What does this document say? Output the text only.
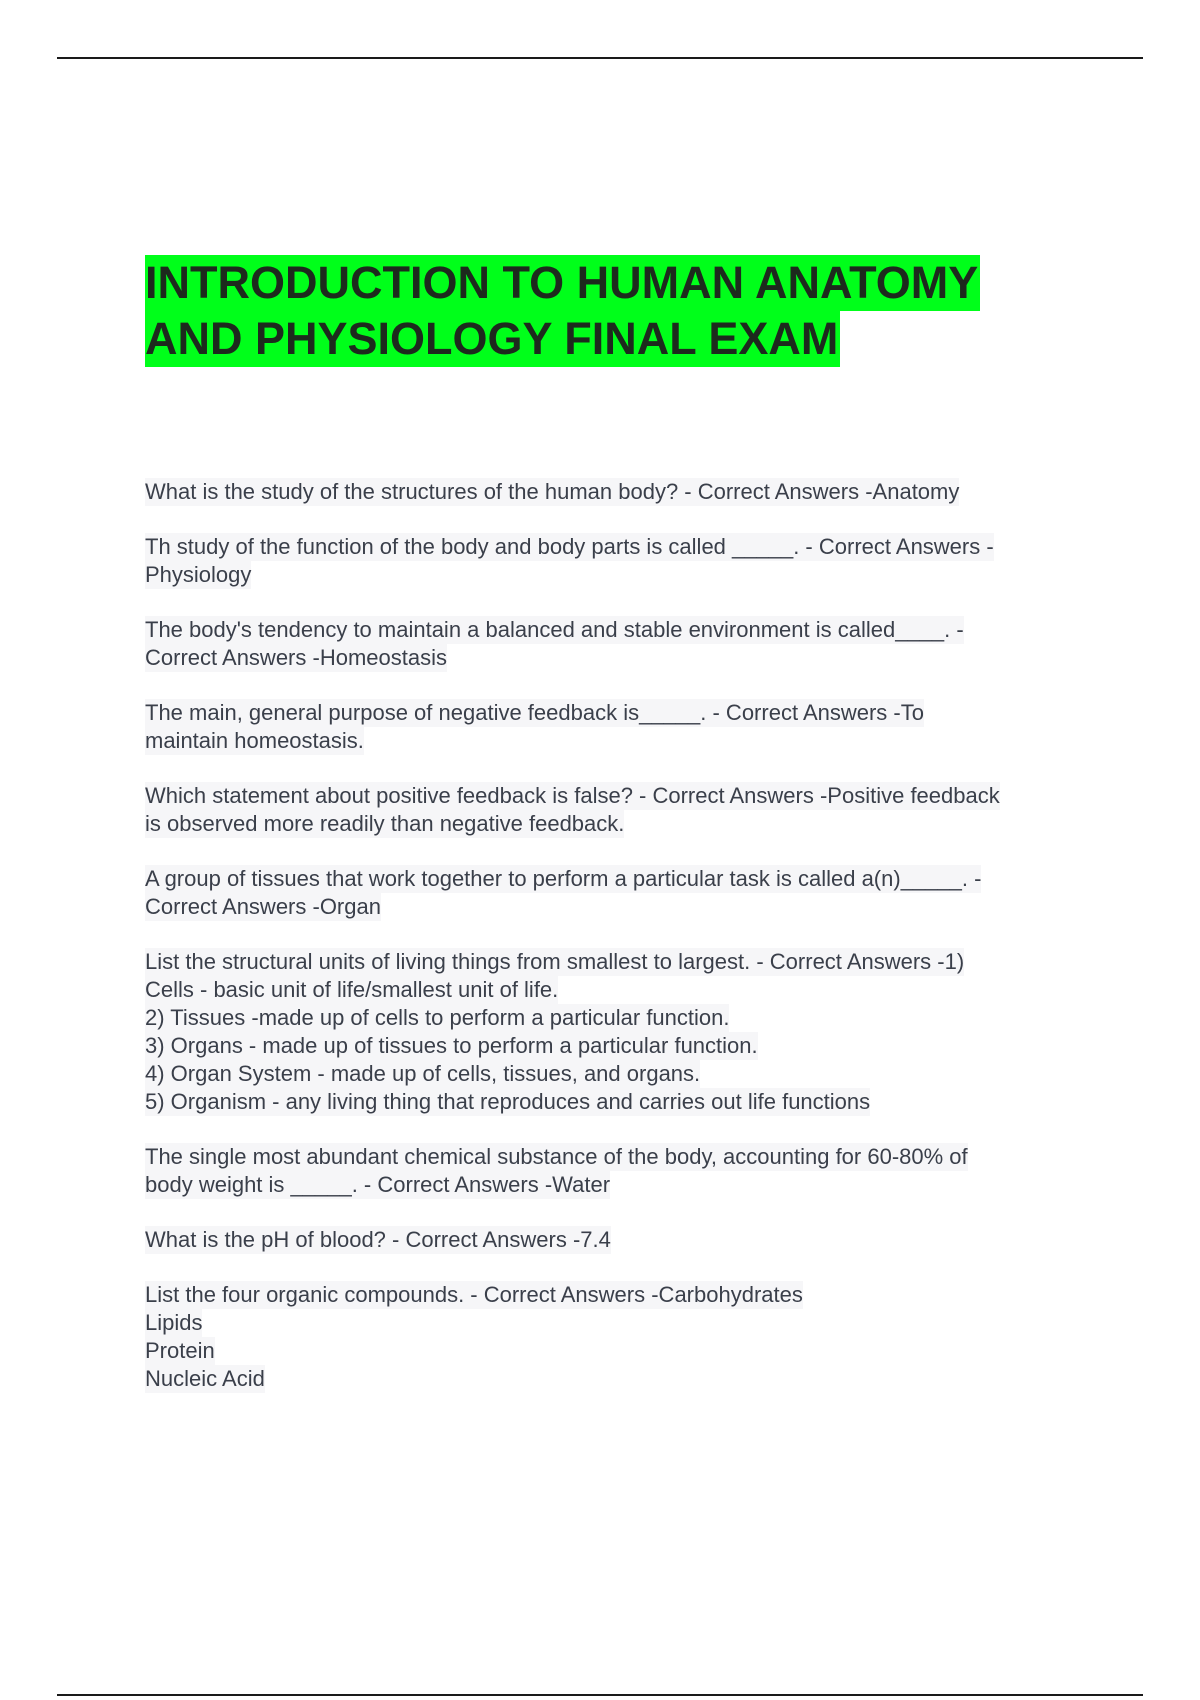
INTRODUCTION TO HUMAN ANATOMY
AND PHYSIOLOGY FINAL EXAM
What is the study of the structures of the human body? - Correct Answers -Anatomy
Th study of the function of the body and body parts is called _____. - Correct Answers -
Physiology
The body's tendency to maintain a balanced and stable environment is called____. -
Correct Answers -Homeostasis
The main, general purpose of negative feedback is_____. - Correct Answers -To
maintain homeostasis.
Which statement about positive feedback is false? - Correct Answers -Positive feedback
is observed more readily than negative feedback.
A group of tissues that work together to perform a particular task is called a(n)_____. -
Correct Answers -Organ
List the structural units of living things from smallest to largest. - Correct Answers -1)
Cells - basic unit of life/smallest unit of life.
2) Tissues -made up of cells to perform a particular function.
3) Organs - made up of tissues to perform a particular function.
4) Organ System - made up of cells, tissues, and organs.
5) Organism - any living thing that reproduces and carries out life functions
The single most abundant chemical substance of the body, accounting for 60-80% of
body weight is _____. - Correct Answers -Water
What is the pH of blood? - Correct Answers -7.4
List the four organic compounds. - Correct Answers -Carbohydrates
Lipids
Protein
Nucleic Acid
